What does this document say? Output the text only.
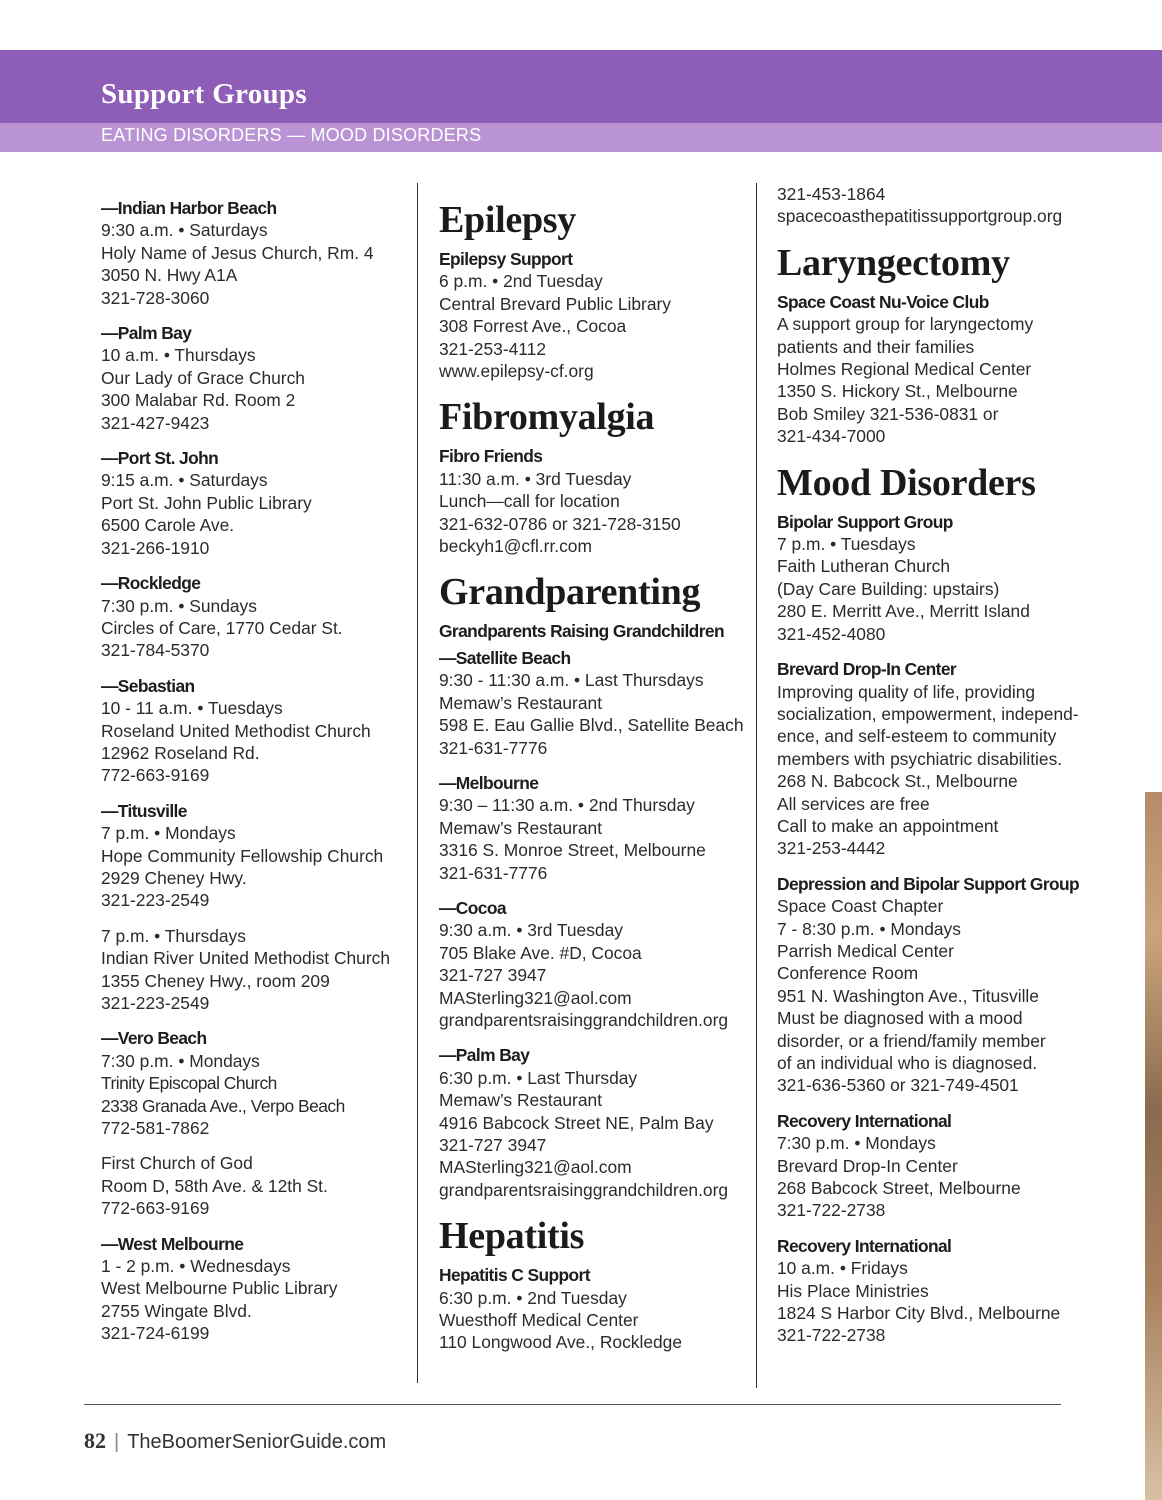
Support Groups
EATING DISORDERS — MOOD DISORDERS
—Indian Harbor Beach
9:30 a.m. • Saturdays
Holy Name of Jesus Church, Rm. 4
3050 N. Hwy A1A
321-728-3060
—Palm Bay
10 a.m. • Thursdays
Our Lady of Grace Church
300 Malabar Rd. Room 2
321-427-9423
—Port St. John
9:15 a.m. • Saturdays
Port St. John Public Library
6500 Carole Ave.
321-266-1910
—Rockledge
7:30 p.m. • Sundays
Circles of Care, 1770 Cedar St.
321-784-5370
—Sebastian
10 - 11 a.m. • Tuesdays
Roseland United Methodist Church
12962 Roseland Rd.
772-663-9169
—Titusville
7 p.m. • Mondays
Hope Community Fellowship Church
2929 Cheney Hwy.
321-223-2549
7 p.m. • Thursdays
Indian River United Methodist Church
1355 Cheney Hwy., room 209
321-223-2549
—Vero Beach
7:30 p.m. • Mondays
Trinity Episcopal Church
2338 Granada Ave., Verpo Beach
772-581-7862
First Church of God
Room D, 58th Ave. & 12th St.
772-663-9169
—West Melbourne
1 - 2 p.m. • Wednesdays
West Melbourne Public Library
2755 Wingate Blvd.
321-724-6199
Epilepsy
Epilepsy Support
6 p.m. • 2nd Tuesday
Central Brevard Public Library
308 Forrest Ave., Cocoa
321-253-4112
www.epilepsy-cf.org
Fibromyalgia
Fibro Friends
11:30 a.m. • 3rd Tuesday
Lunch—call for location
321-632-0786 or 321-728-3150
beckyh1@cfl.rr.com
Grandparenting
Grandparents Raising Grandchildren
—Satellite Beach
9:30 - 11:30 a.m. • Last Thursdays
Memaw’s Restaurant
598 E. Eau Gallie Blvd., Satellite Beach
321-631-7776
—Melbourne
9:30 – 11:30 a.m. • 2nd Thursday
Memaw’s Restaurant
3316 S. Monroe Street, Melbourne
321-631-7776
—Cocoa
9:30 a.m. • 3rd Tuesday
705 Blake Ave. #D, Cocoa
321-727 3947
MASterling321@aol.com
grandparentsraisinggrandchildren.org
—Palm Bay
6:30 p.m. • Last Thursday
Memaw’s Restaurant
4916 Babcock Street NE, Palm Bay
321-727 3947
MASterling321@aol.com
grandparentsraisinggrandchildren.org
Hepatitis
Hepatitis C Support
6:30 p.m. • 2nd Tuesday
Wuesthoff Medical Center
110 Longwood Ave., Rockledge
321-453-1864
spacecoasthepatitissupportgroup.org
Laryngectomy
Space Coast Nu-Voice Club
A support group for laryngectomy
patients and their families
Holmes Regional Medical Center
1350 S. Hickory St., Melbourne
Bob Smiley 321-536-0831 or
321-434-7000
Mood Disorders
Bipolar Support Group
7 p.m. • Tuesdays
Faith Lutheran Church
(Day Care Building: upstairs)
280 E. Merritt Ave., Merritt Island
321-452-4080
Brevard Drop-In Center
Improving quality of life, providing
socialization, empowerment, independ-
ence, and self-esteem to community
members with psychiatric disabilities.
268 N. Babcock St., Melbourne
All services are free
Call to make an appointment
321-253-4442
Depression and Bipolar Support Group
Space Coast Chapter
7 - 8:30 p.m. • Mondays
Parrish Medical Center
Conference Room
951 N. Washington Ave., Titusville
Must be diagnosed with a mood
disorder, or a friend/family member
of an individual who is diagnosed.
321-636-5360 or 321-749-4501
Recovery International
7:30 p.m. • Mondays
Brevard Drop-In Center
268 Babcock Street, Melbourne
321-722-2738
Recovery International
10 a.m. • Fridays
His Place Ministries
1824 S Harbor City Blvd., Melbourne
321-722-2738
82 | TheBoomerSeniorGuide.com
